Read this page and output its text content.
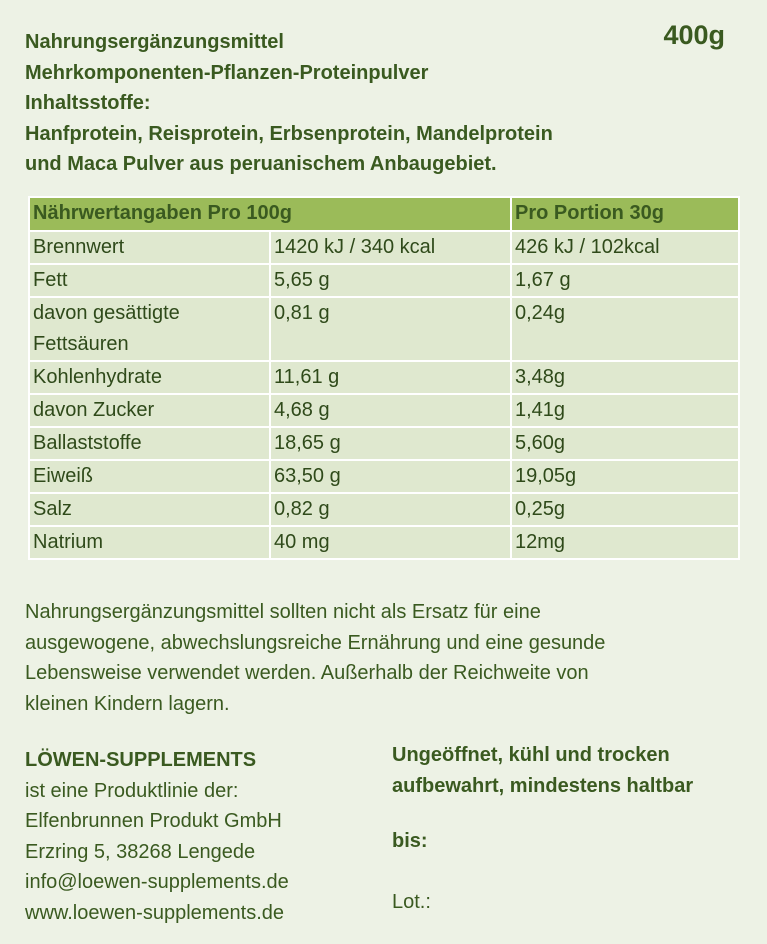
Nahrungsergänzungsmittel
Mehrkomponenten-Pflanzen-Proteinpulver
Inhaltsstoffe:
Hanfprotein, Reisprotein, Erbsenprotein, Mandelprotein
und Maca Pulver aus peruanischem Anbaugebiet.
400g
Nährwertangaben Pro 100g		Pro Portion 30g
Brennwert	1420 kJ / 340 kcal	426 kJ / 102kcal
Fett	5,65 g	1,67 g
davon gesättigte Fettsäuren	0,81 g	0,24g
Kohlenhydrate	11,61 g	3,48g
davon Zucker	4,68 g	1,41g
Ballaststoffe	18,65 g	5,60g
Eiweiß	63,50 g	19,05g
Salz	0,82 g	0,25g
Natrium	40 mg	12mg
Nahrungsergänzungsmittel sollten nicht als Ersatz für eine
ausgewogene, abwechslungsreiche Ernährung und eine gesunde
Lebensweise verwendet werden. Außerhalb der Reichweite von
kleinen Kindern lagern.
LÖWEN-SUPPLEMENTS
ist eine Produktlinie der:
Elfenbrunnen Produkt GmbH
Erzring 5, 38268 Lengede
info@loewen-supplements.de
www.loewen-supplements.de
Ungeöffnet, kühl und trocken
aufbewahrt, mindestens haltbar
bis:
Lot.:
